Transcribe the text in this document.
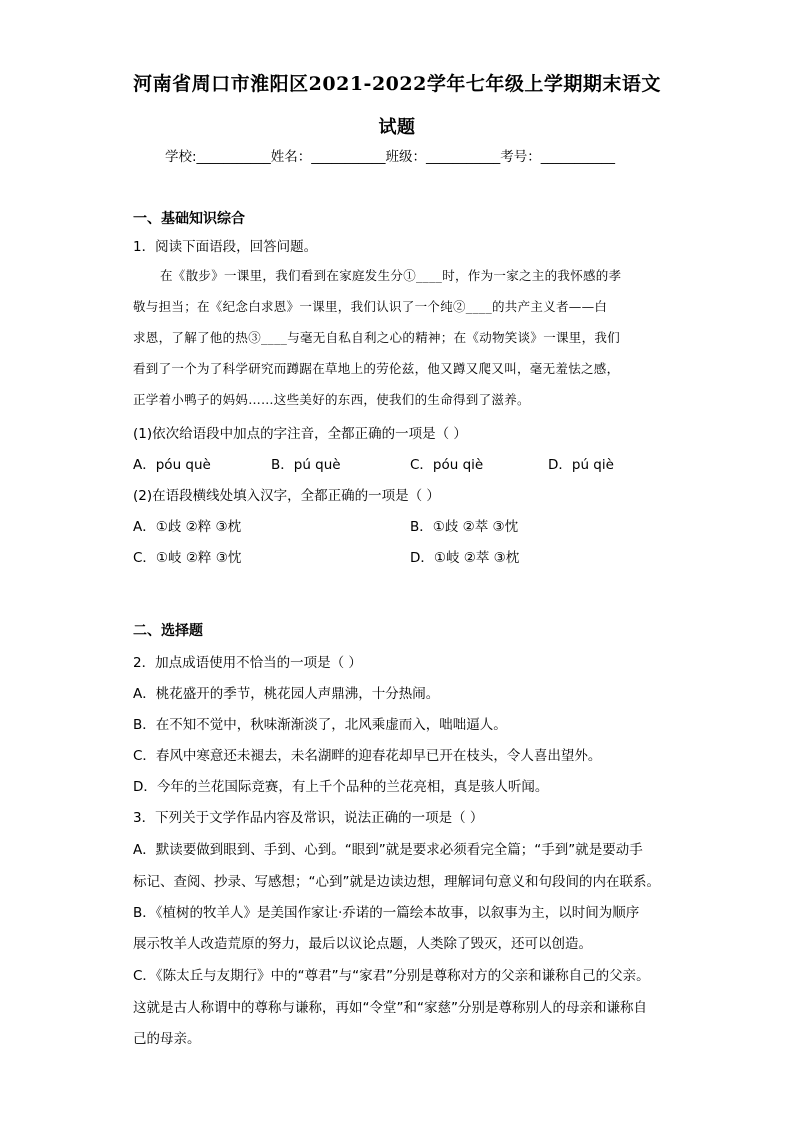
河南省周口市淮阳区2021-2022学年七年级上学期期末语文
试题
学校:___________姓名：___________班级：___________考号：___________
一、基础知识综合
1．阅读下面语段，回答问题。
在《散步》一课里，我们看到在家庭发生分①____时，作为一家之主的我怀感的孝
敬与担当；在《纪念白求恩》一课里，我们认识了一个纯②____的共产主义者——白
求恩，了解了他的热③____与毫无自私自利之心的精神；在《动物笑谈》一课里，我们
看到了一个为了科学研究而蹲踞在草地上的劳伦兹，他又蹲又爬又叫，毫无羞怯之感，
正学着小鸭子的妈妈……这些美好的东西，使我们的生命得到了滋养。
(1)依次给语段中加点的字注音，全都正确的一项是（ ）
A．póu què	B．pú què	C．póu qiè	D．pú qiè
(2)在语段横线处填入汉字，全都正确的一项是（ ）
A．①歧 ②粹 ③枕	B．①歧 ②萃 ③忱
C．①岐 ②粹 ③忱	D．①岐 ②萃 ③枕
二、选择题
2．加点成语使用不恰当的一项是（ ）
A．桃花盛开的季节，桃花园人声鼎沸，十分热闹。
B．在不知不觉中，秋味渐渐淡了，北风乘虚而入，咄咄逼人。
C．春风中寒意还未褪去，未名湖畔的迎春花却早已开在枝头，令人喜出望外。
D．今年的兰花国际竞赛，有上千个品种的兰花亮相，真是骇人听闻。
3．下列关于文学作品内容及常识，说法正确的一项是（ ）
A．默读要做到眼到、手到、心到。“眼到”就是要求必须看完全篇；“手到”就是要动手
标记、查阅、抄录、写感想；“心到”就是边读边想，理解词句意义和句段间的内在联系。
B．《植树的牧羊人》是美国作家让·乔诺的一篇绘本故事，以叙事为主，以时间为顺序
展示牧羊人改造荒原的努力，最后以议论点题，人类除了毁灭，还可以创造。
C．《陈太丘与友期行》中的“尊君”与“家君”分别是尊称对方的父亲和谦称自己的父亲。
这就是古人称谓中的尊称与谦称，再如“令堂”和“家慈”分别是尊称别人的母亲和谦称自
己的母亲。
